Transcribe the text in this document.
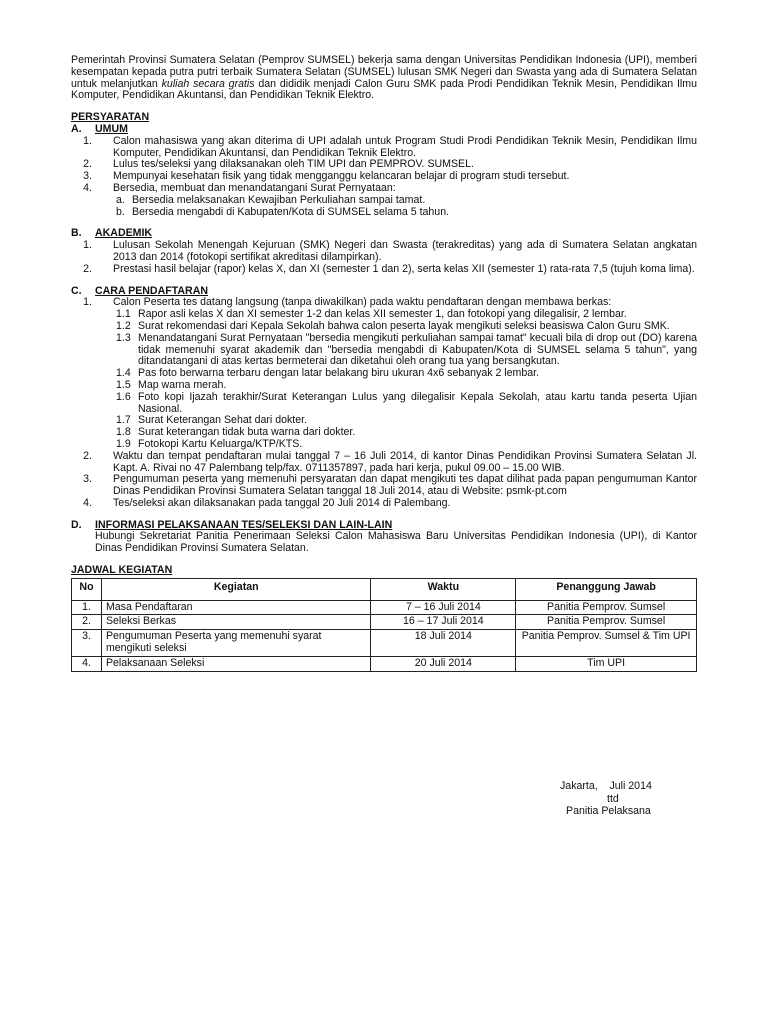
Pemerintah Provinsi Sumatera Selatan (Pemprov SUMSEL) bekerja sama dengan Universitas Pendidikan Indonesia (UPI), memberi kesempatan kepada putra putri terbaik Sumatera Selatan (SUMSEL) lulusan SMK Negeri dan Swasta yang ada di Sumatera Selatan untuk melanjutkan kuliah secara gratis dan dididik menjadi Calon Guru SMK pada Prodi Pendidikan Teknik Mesin, Pendidikan Ilmu Komputer, Pendidikan Akuntansi, dan Pendidikan Teknik Elektro.

PERSYARATAN
A.	UMUM
1. Calon mahasiswa yang akan diterima di UPI adalah untuk Program Studi Prodi Pendidikan Teknik Mesin, Pendidikan Ilmu Komputer, Pendidikan Akuntansi, dan Pendidikan Teknik Elektro.
2. Lulus tes/seleksi yang dilaksanakan oleh TIM UPI dan PEMPROV. SUMSEL.
3. Mempunyai kesehatan fisik yang tidak mengganggu kelancaran belajar di program studi tersebut.
4. Bersedia, membuat dan menandatangani Surat Pernyataan:
a. Bersedia melaksanakan Kewajiban Perkuliahan sampai tamat.
b. Bersedia mengabdi di Kabupaten/Kota di SUMSEL selama 5 tahun.
B.	AKADEMIK
1. Lulusan Sekolah Menengah Kejuruan (SMK) Negeri dan Swasta (terakreditas) yang ada di Sumatera Selatan angkatan 2013 dan 2014 (fotokopi sertifikat akreditasi dilampirkan).
2. Prestasi hasil belajar (rapor) kelas X, dan XI (semester 1 dan 2), serta kelas XII (semester 1) rata-rata 7,5 (tujuh koma lima).
C.	CARA PENDAFTARAN
1. Calon Peserta tes datang langsung (tanpa diwakilkan) pada waktu pendaftaran dengan membawa berkas:
1.1 Rapor asli kelas X dan XI semester 1-2 dan kelas XII semester 1, dan fotokopi yang dilegalisir, 2 lembar.
1.2 Surat rekomendasi dari Kepala Sekolah bahwa calon peserta layak mengikuti seleksi beasiswa Calon Guru SMK.
1.3 Menandatangani Surat Pernyataan "bersedia mengikuti perkuliahan sampai tamat" kecuali bila di drop out (DO) karena tidak memenuhi syarat akademik dan "bersedia mengabdi di Kabupaten/Kota di SUMSEL selama 5 tahun", yang ditandatangani di atas kertas bermeterai dan diketahui oleh orang tua yang bersangkutan.
1.4 Pas foto berwarna terbaru dengan latar belakang biru ukuran 4x6 sebanyak 2 lembar.
1.5 Map warna merah.
1.6 Foto kopi Ijazah terakhir/Surat Keterangan Lulus yang dilegalisir Kepala Sekolah, atau kartu tanda peserta Ujian Nasional.
1.7 Surat Keterangan Sehat dari dokter.
1.8 Surat keterangan tidak buta warna dari dokter.
1.9 Fotokopi Kartu Keluarga/KTP/KTS.
2. Waktu dan tempat pendaftaran mulai tanggal 7 – 16 Juli 2014, di kantor Dinas Pendidikan Provinsi Sumatera Selatan Jl. Kapt. A. Rivai no 47 Palembang telp/fax. 0711357897, pada hari kerja, pukul 09.00 – 15.00 WIB.
3. Pengumuman peserta yang memenuhi persyaratan dan dapat mengikuti tes dapat dilihat pada papan pengumuman Kantor Dinas Pendidikan Provinsi Sumatera Selatan tanggal 18 Juli 2014, atau di Website: psmk-pt.com
4. Tes/seleksi akan dilaksanakan pada tanggal 20 Juli 2014 di Palembang.
D.	INFORMASI PELAKSANAAN TES/SELEKSI DAN LAIN-LAIN
Hubungi Sekretariat Panitia Penerimaan Seleksi Calon Mahasiswa Baru Universitas Pendidikan Indonesia (UPI), di Kantor Dinas Pendidikan Provinsi Sumatera Selatan.
JADWAL KEGIATAN
No	Kegiatan	Waktu	Penanggung Jawab
1.	Masa Pendaftaran	7 – 16 Juli 2014	Panitia Pemprov. Sumsel
2.	Seleksi Berkas	16 – 17 Juli 2014	Panitia Pemprov. Sumsel
3.	Pengumuman Peserta yang memenuhi syarat mengikuti seleksi	18 Juli 2014	Panitia Pemprov. Sumsel & Tim UPI
4.	Pelaksanaan Seleksi	20 Juli 2014	Tim UPI
Jakarta,    Juli 2014
ttd
Panitia Pelaksana
